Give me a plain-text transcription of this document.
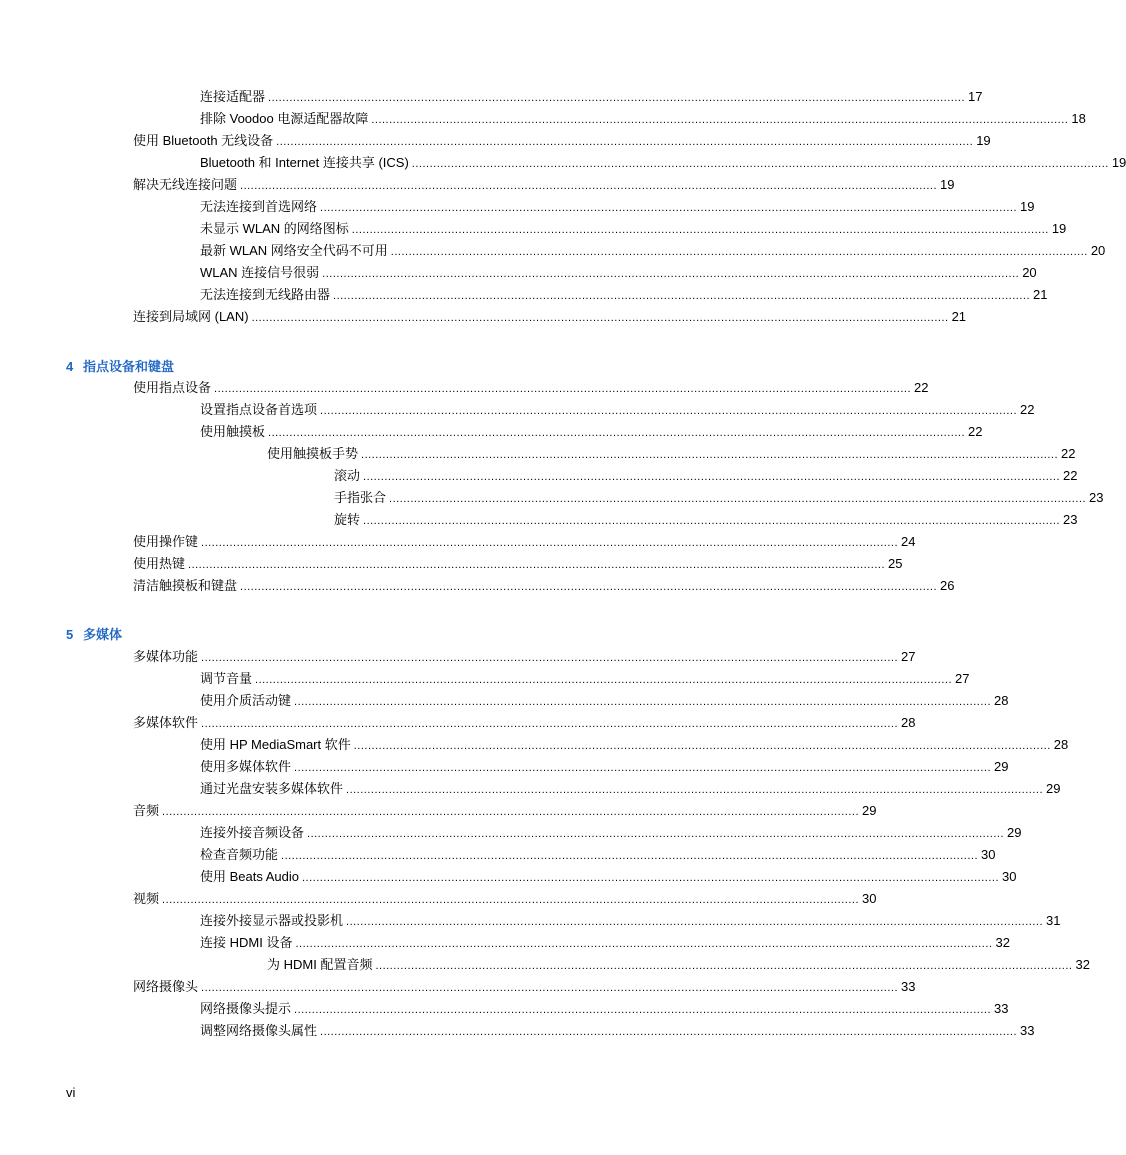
连接适配器 .................................................................................................................................................................................................... 17
排除 Voodoo 电源适配器故障 .................................................................................................................................................................................................... 18
使用 Bluetooth 无线设备 .................................................................................................................................................................................................... 19
Bluetooth 和 Internet 连接共享 (ICS) .................................................................................................................................................................................................... 19
解决无线连接问题 .................................................................................................................................................................................................... 19
无法连接到首选网络 .................................................................................................................................................................................................... 19
未显示 WLAN 的网络图标 .................................................................................................................................................................................................... 19
最新 WLAN 网络安全代码不可用 .................................................................................................................................................................................................... 20
WLAN 连接信号很弱 .................................................................................................................................................................................................... 20
无法连接到无线路由器 .................................................................................................................................................................................................... 21
连接到局域网 (LAN) .................................................................................................................................................................................................... 21
4 指点设备和键盘
使用指点设备 .................................................................................................................................................................................................... 22
设置指点设备首选项 .................................................................................................................................................................................................... 22
使用触摸板 .................................................................................................................................................................................................... 22
使用触摸板手势 .................................................................................................................................................................................................... 22
滚动 .................................................................................................................................................................................................... 22
手指张合 .................................................................................................................................................................................................... 23
旋转 .................................................................................................................................................................................................... 23
使用操作键 .................................................................................................................................................................................................... 24
使用热键 .................................................................................................................................................................................................... 25
清洁触摸板和键盘 .................................................................................................................................................................................................... 26
5 多媒体
多媒体功能 .................................................................................................................................................................................................... 27
调节音量 .................................................................................................................................................................................................... 27
使用介质活动键 .................................................................................................................................................................................................... 28
多媒体软件 .................................................................................................................................................................................................... 28
使用 HP MediaSmart 软件 .................................................................................................................................................................................................... 28
使用多媒体软件 .................................................................................................................................................................................................... 29
通过光盘安装多媒体软件 .................................................................................................................................................................................................... 29
音频 .................................................................................................................................................................................................... 29
连接外接音频设备 .................................................................................................................................................................................................... 29
检查音频功能 .................................................................................................................................................................................................... 30
使用 Beats Audio .................................................................................................................................................................................................... 30
视频 .................................................................................................................................................................................................... 30
连接外接显示器或投影机 .................................................................................................................................................................................................... 31
连接 HDMI 设备 .................................................................................................................................................................................................... 32
为 HDMI 配置音频 .................................................................................................................................................................................................... 32
网络摄像头 .................................................................................................................................................................................................... 33
网络摄像头提示 .................................................................................................................................................................................................... 33
调整网络摄像头属性 .................................................................................................................................................................................................... 33
vi
